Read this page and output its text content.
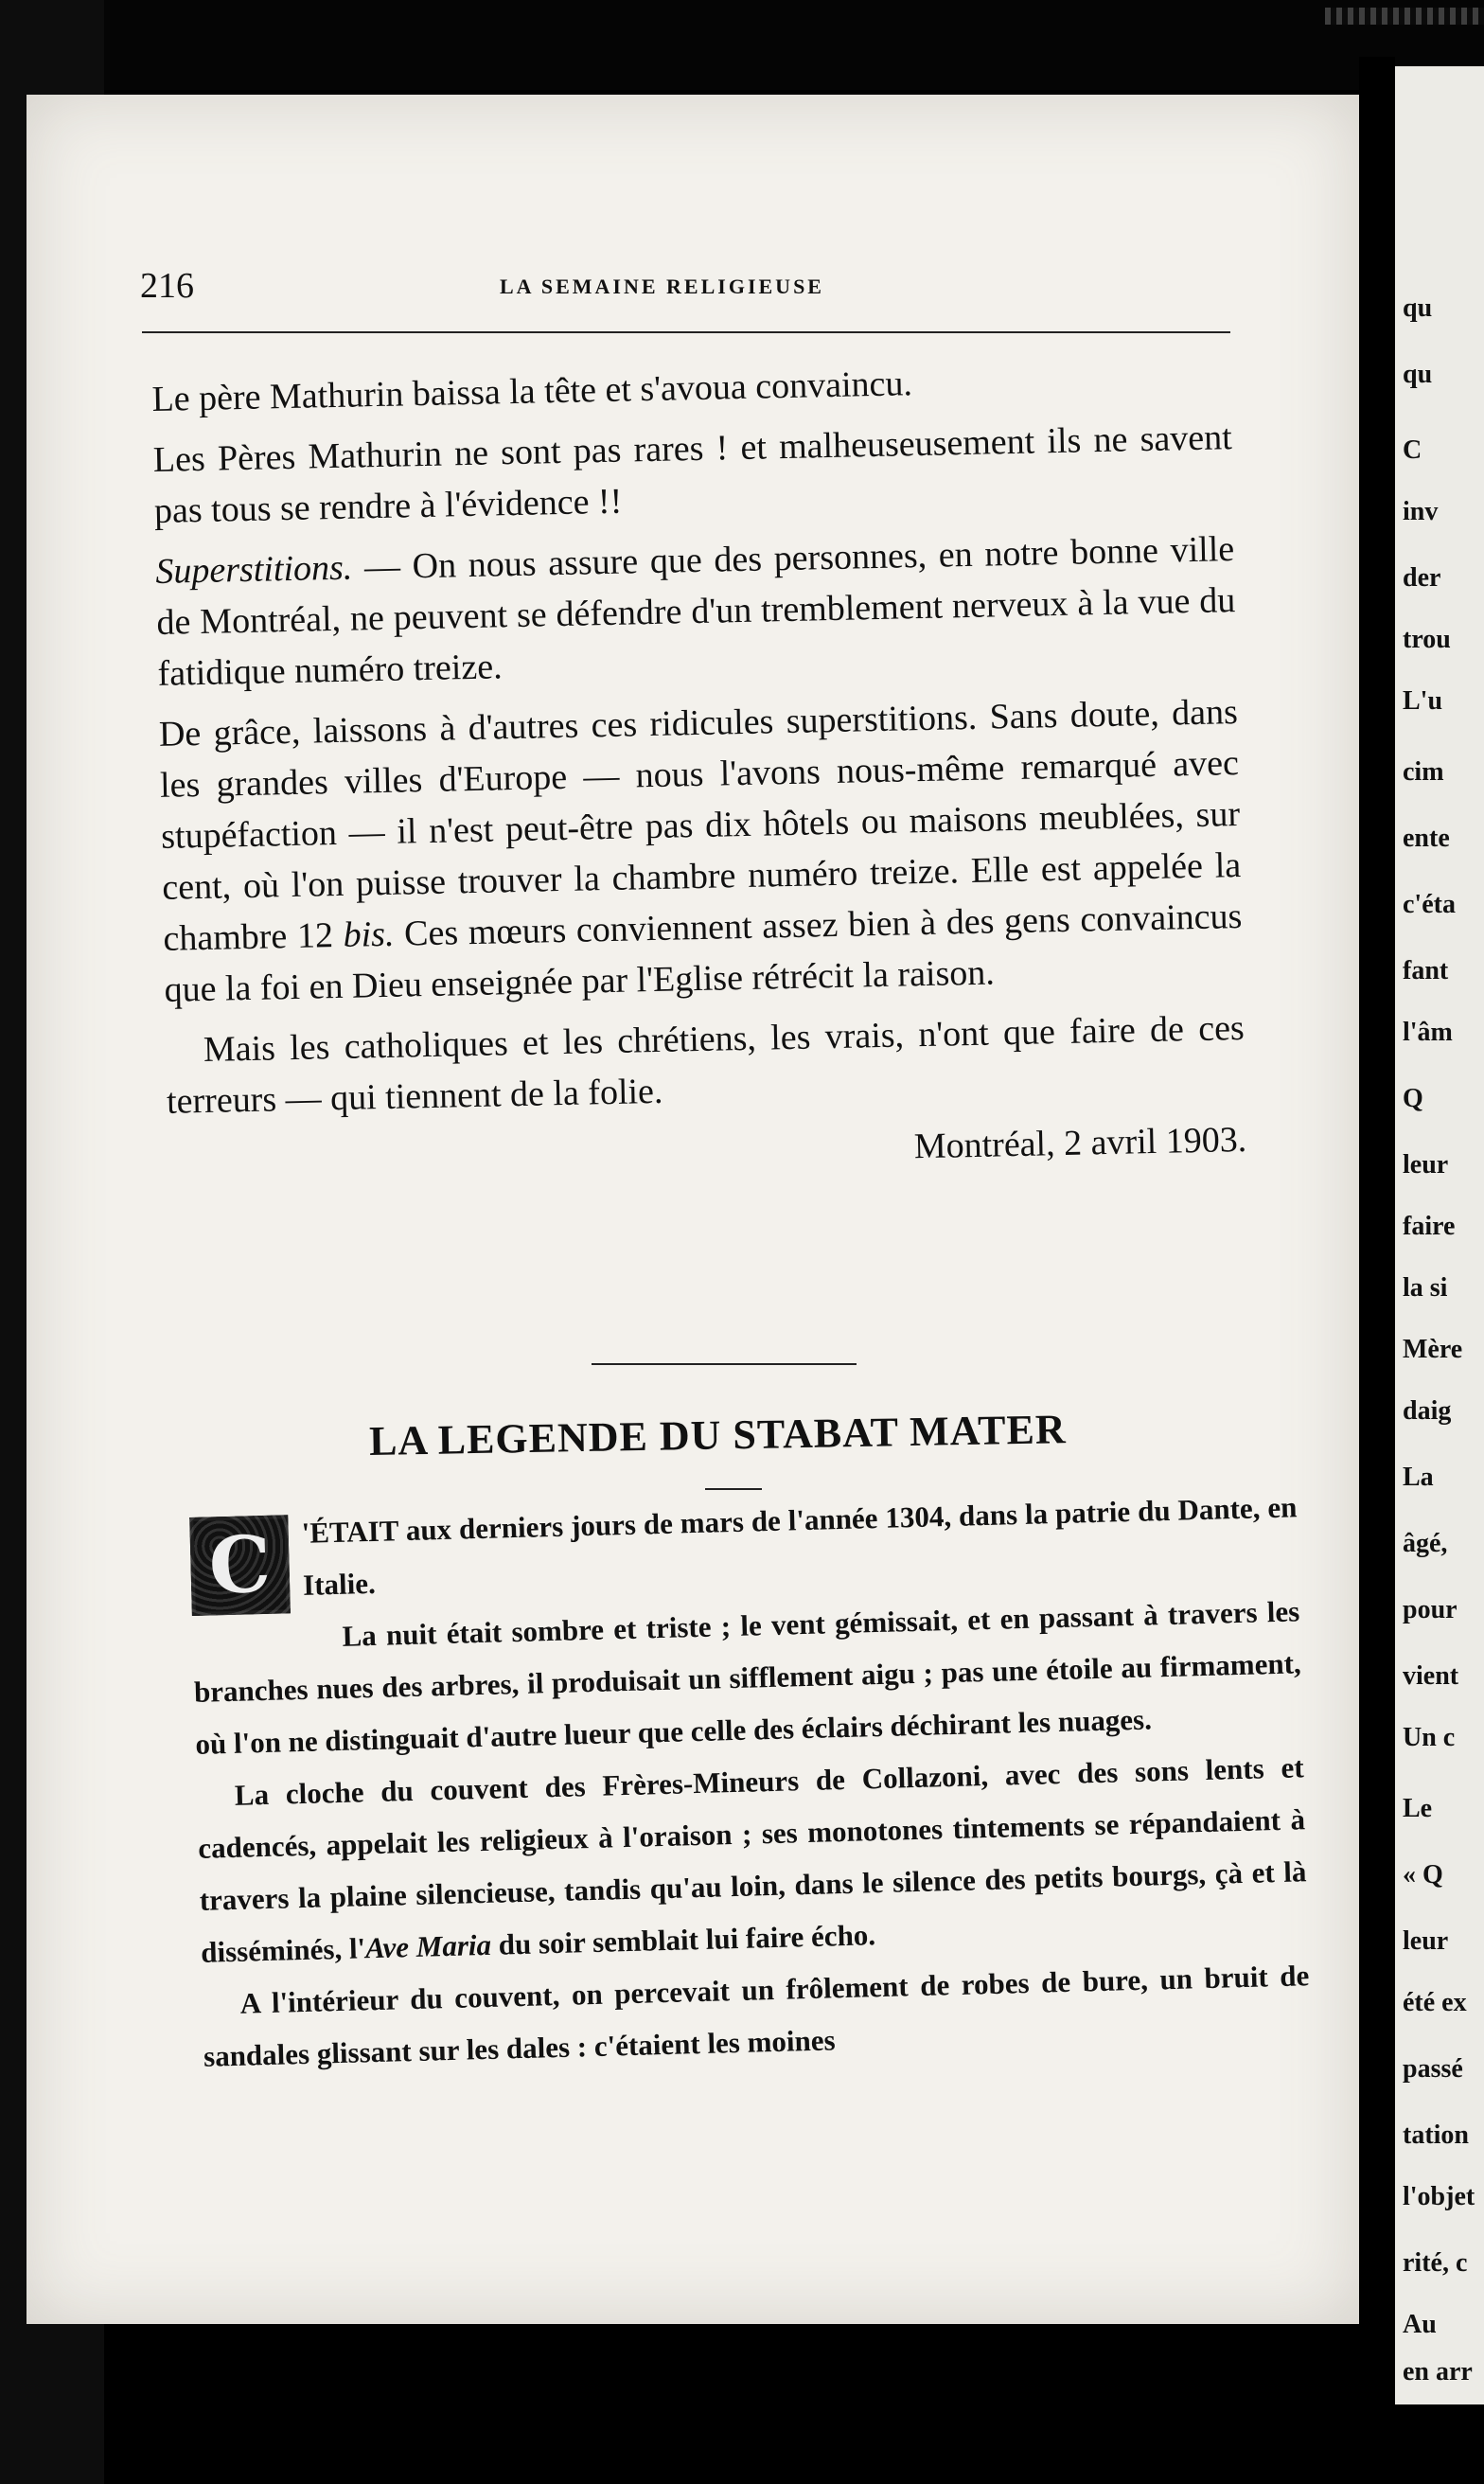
216	LA SEMAINE RELIGIEUSE

Le père Mathurin baissa la tête et s'avoua convaincu.

Les Pères Mathurin ne sont pas rares ! et malheuseusement ils ne savent pas tous se rendre à l'évidence !!

Superstitions. — On nous assure que des personnes, en notre bonne ville de Montréal, ne peuvent se défendre d'un tremblement nerveux à la vue du fatidique numéro treize.

De grâce, laissons à d'autres ces ridicules superstitions. Sans doute, dans les grandes villes d'Europe — nous l'avons nous-même remarqué avec stupéfaction — il n'est peut-être pas dix hôtels ou maisons meublées, sur cent, où l'on puisse trouver la chambre numéro treize. Elle est appelée la chambre 12 bis. Ces mœurs conviennent assez bien à des gens convaincus que la foi en Dieu enseignée par l'Eglise rétrécit la raison.

Mais les catholiques et les chrétiens, les vrais, n'ont que faire de ces terreurs — qui tiennent de la folie.

Montréal, 2 avril 1903.

LA LEGENDE DU STABAT MATER

C 'ÉTAIT aux derniers jours de mars de l'année 1304, dans la patrie du Dante, en Italie.

La nuit était sombre et triste ; le vent gémissait, et en passant à travers les branches nues des arbres, il produisait un sifflement aigu ; pas une étoile au firmament, où l'on ne distinguait d'autre lueur que celle des éclairs déchirant les nuages.

La cloche du couvent des Frères-Mineurs de Collazoni, avec des sons lents et cadencés, appelait les religieux à l'oraison ; ses monotones tintements se répandaient à travers la plaine silencieuse, tandis qu'au loin, dans le silence des petits bourgs, çà et là disséminés, l'Ave Maria du soir semblait lui faire écho.

A l'intérieur du couvent, on percevait un frôlement de robes de bure, un bruit de sandales glissant sur les dales : c'étaient les moines

qu
qu
C
inv
der
trou
L'u
cim
ente
c'éta
fant
l'âm
Q
leur
faire
la si
Mère
daig
La
âgé,
pour
vient
Un c
Le
« Q
leur
été ex
passé
tation
l'objet
rité, c
Au
en arr
